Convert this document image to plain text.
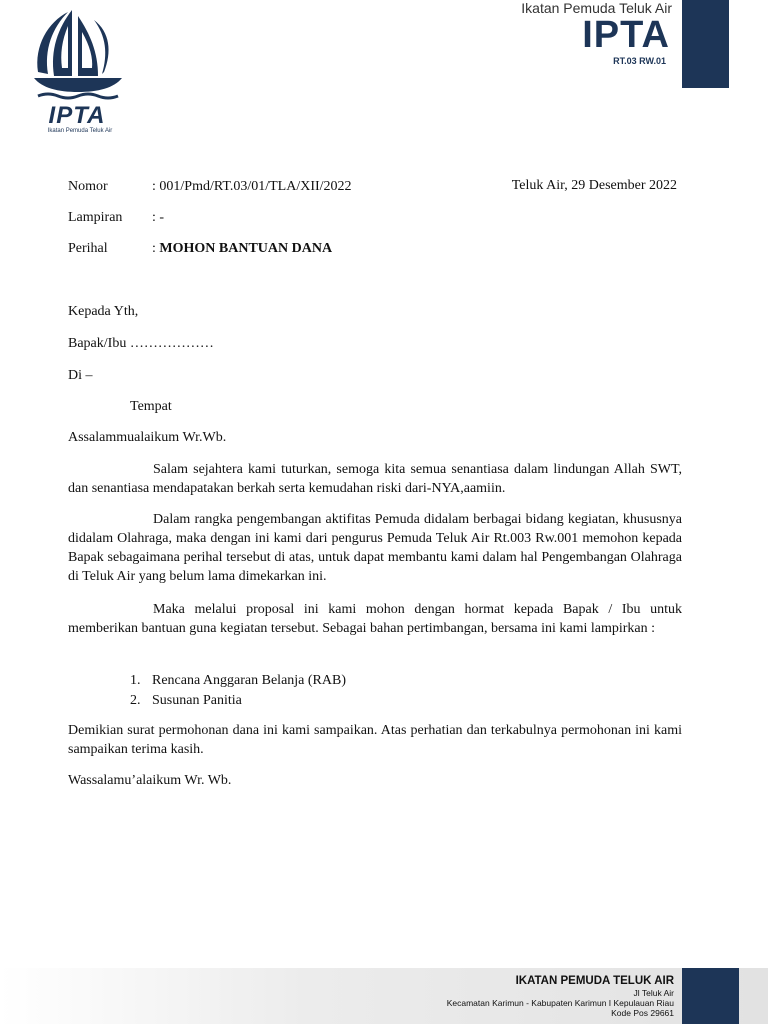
IPTA
Ikatan Pemuda Teluk Air
Ikatan Pemuda Teluk Air
IPTA
RT.03 RW.01
Nomor	: 001/Pmd/RT.03/01/TLA/XII/2022	Teluk Air, 29 Desember 2022
Lampiran : -
Perihal	: MOHON BANTUAN DANA
Kepada Yth,
Bapak/Ibu ………………
Di –
Tempat
Assalammualaikum Wr.Wb.
Salam sejahtera kami tuturkan, semoga kita semua senantiasa dalam lindungan Allah SWT, dan senantiasa mendapatakan berkah serta kemudahan riski dari-NYA,aamiin.
Dalam rangka pengembangan aktifitas Pemuda didalam berbagai bidang kegiatan, khususnya didalam Olahraga, maka dengan ini kami dari pengurus Pemuda Teluk Air Rt.003 Rw.001 memohon kepada Bapak sebagaimana perihal tersebut di atas, untuk dapat membantu kami dalam hal Pengembangan Olahraga di Teluk Air yang belum lama dimekarkan ini.
Maka melalui proposal ini kami mohon dengan hormat kepada Bapak / Ibu untuk memberikan bantuan guna kegiatan tersebut. Sebagai bahan pertimbangan, bersama ini kami lampirkan :
1. Rencana Anggaran Belanja (RAB)
2. Susunan Panitia
Demikian surat permohonan dana ini kami sampaikan. Atas perhatian dan terkabulnya permohonan ini kami sampaikan terima kasih.
Wassalamu’alaikum Wr. Wb.
IKATAN PEMUDA TELUK AIR
Jl Teluk Air
Kecamatan Karimun - Kabupaten Karimun I Kepulauan Riau
Kode Pos 29661
